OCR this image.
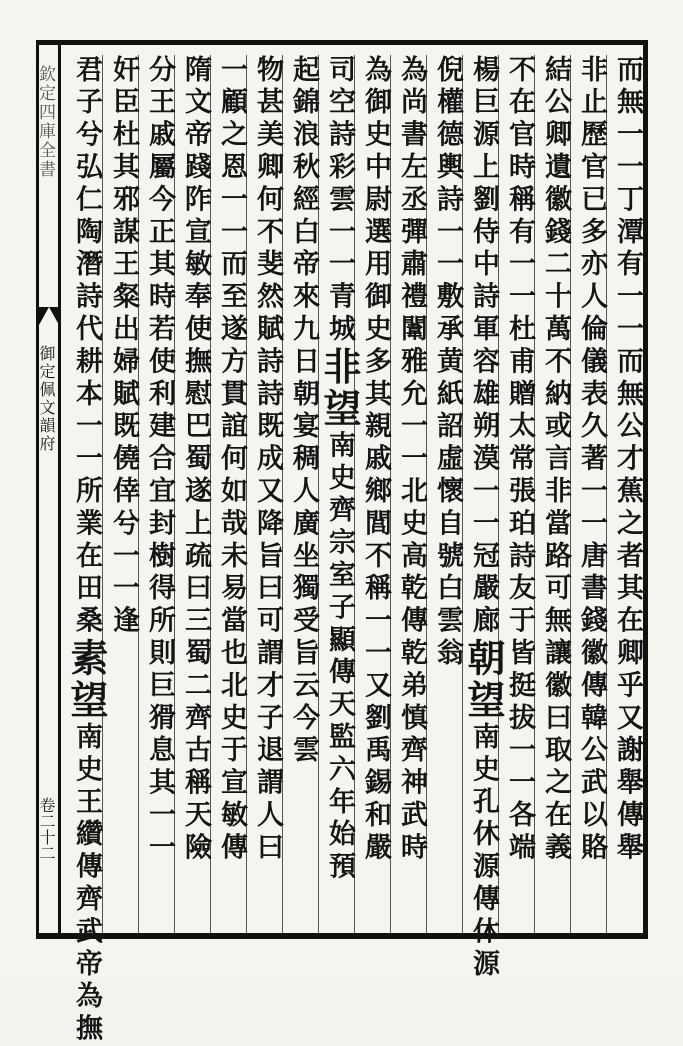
欽定四庫全書
御定佩文韻府
卷二十二	而無一一丁潭有一一而無公才蕉之者其在卿乎又謝舉傳舉
非止歷官已多亦人倫儀表久著一一唐書錢徽傳韓公武以賂
結公卿遺徽錢二十萬不納或言非當路可無讓徽曰取之在義
不在官時稱有一一杜甫贈太常張珀詩友于皆挺拔一一各端
楊巨源上劉侍中詩軍容雄朔漠一一冠嚴廊朝望南史孔休源傳休源
倪權德輿詩一一敷承黄紙詔虛懷自號白雲翁
為尚書左丞彈肅禮闈雅允一一北史高乾傳乾弟慎齊神武時
為御史中尉選用御史多其親戚鄉閭不稱一一又劉禹錫和嚴
司空詩彩雲一一青城非望南史齊宗室子顯傳天監六年始預
起錦浪秋經白帝來九日朝宴稠人廣坐獨受旨云今雲
物甚美卿何不斐然賦詩詩既成又降旨曰可謂才子退謂人曰
一顧之恩一一而至遂方貫誼何如哉未易當也北史于宣敏傳
隋文帝踐阼宣敏奉使撫慰巴蜀遂上疏曰三蜀二齊古稱天險
分王戚屬今正其時若使利建合宜封樹得所則巨猾息其一一
奸臣杜其邪謀王粲出婦賦既僥倖兮一一逢
君子兮弘仁陶潛詩代耕本一一所業在田桑素望南史王纘傳齊武帝為撫
